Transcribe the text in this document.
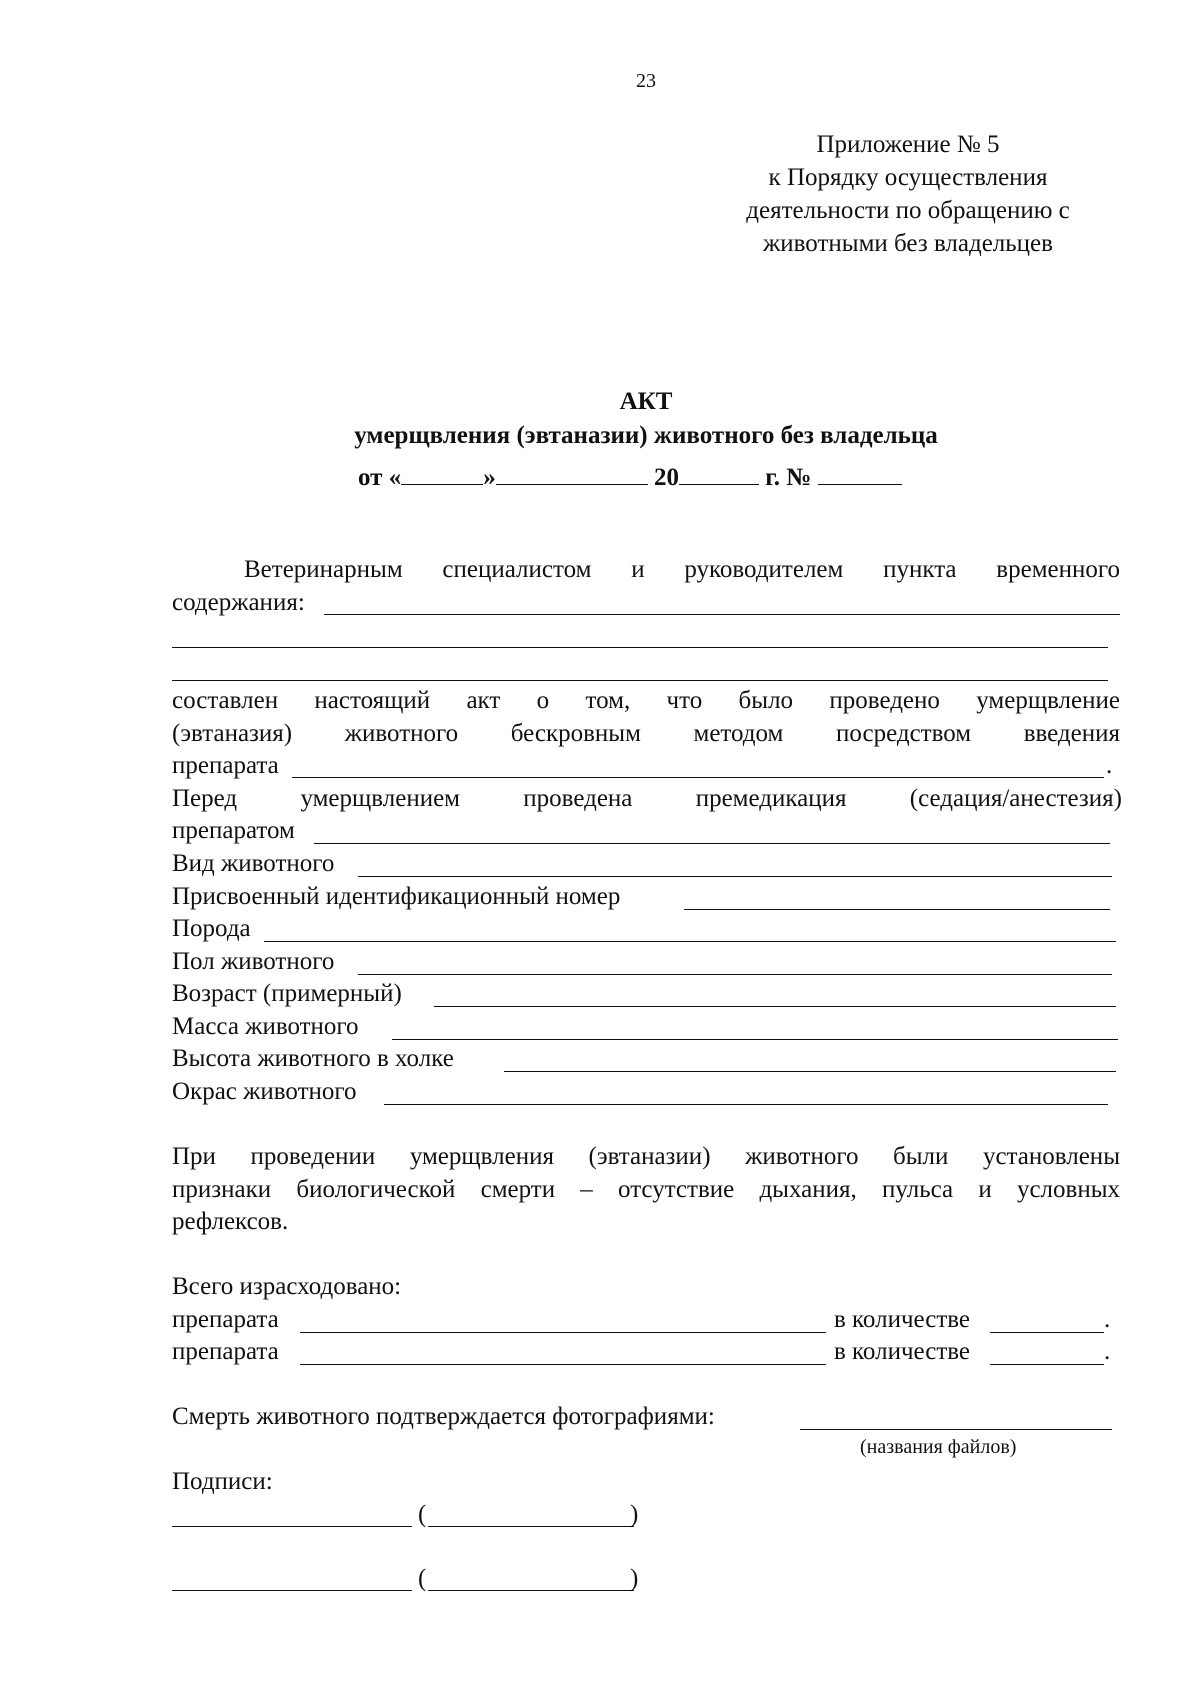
23
Приложение № 5
к Порядку осуществления
деятельности по обращению с
животными без владельцев
АКТ
умерщвления (эвтаназии) животного без владельца
от «	»	20	г. №
Ветеринарным специалистом и руководителем пункта временного
содержания:
составлен настоящий акт о том, что было проведено умерщвление
(эвтаназия) животного бескровным методом посредством введения
препарата	.
Перед умерщвлением проведена премедикация (седация/анестезия)
препаратом
Вид животного
Присвоенный идентификационный номер
Порода
Пол животного
Возраст (примерный)
Масса животного
Высота животного в холке
Окрас животного
При проведении умерщвления (эвтаназии) животного были установлены
признаки биологической смерти – отсутствие дыхания, пульса и условных
рефлексов.
Всего израсходовано:
препарата	в количестве	.
препарата	в количестве	.
Смерть животного подтверждается фотографиями:
(названия файлов)
Подписи:
(	)
(	)
